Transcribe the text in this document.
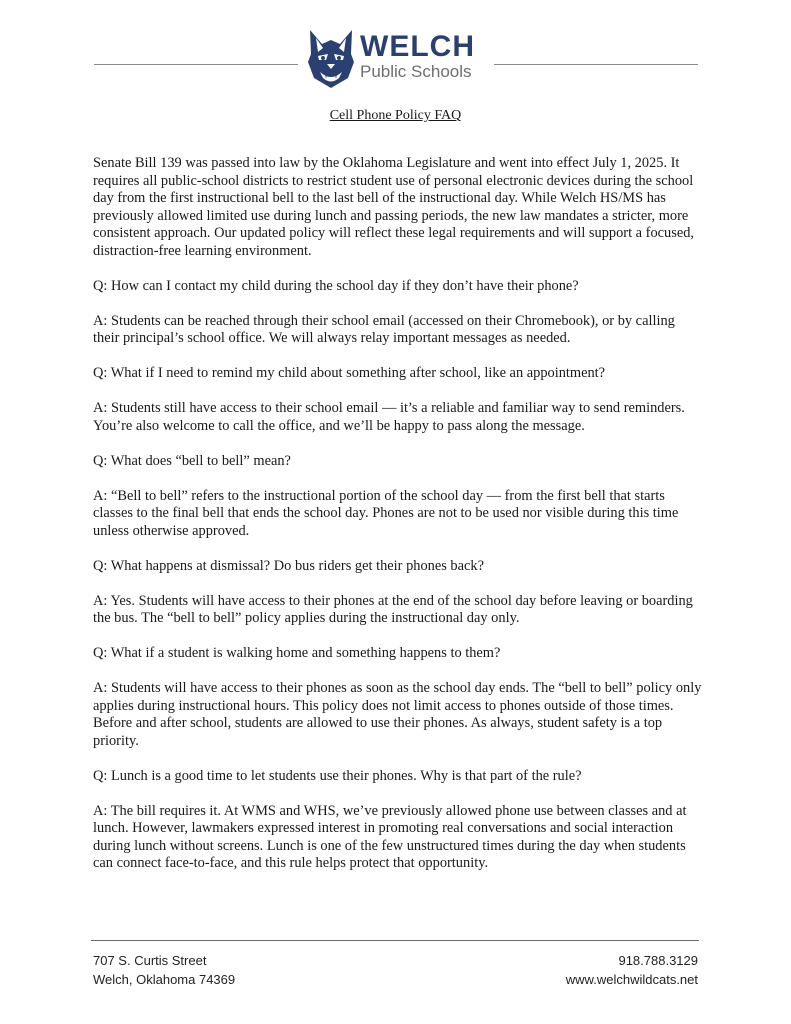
WELCH
Public Schools
Cell Phone Policy FAQ

Senate Bill 139 was passed into law by the Oklahoma Legislature and went into effect July 1, 2025. It requires all public-school districts to restrict student use of personal electronic devices during the school day from the first instructional bell to the last bell of the instructional day. While Welch HS/MS has previously allowed limited use during lunch and passing periods, the new law mandates a stricter, more consistent approach. Our updated policy will reflect these legal requirements and will support a focused, distraction-free learning environment.

Q: How can I contact my child during the school day if they don’t have their phone?

A: Students can be reached through their school email (accessed on their Chromebook), or by calling their principal’s school office. We will always relay important messages as needed.

Q: What if I need to remind my child about something after school, like an appointment?

A: Students still have access to their school email — it’s a reliable and familiar way to send reminders. You’re also welcome to call the office, and we’ll be happy to pass along the message.

Q: What does “bell to bell” mean?

A: “Bell to bell” refers to the instructional portion of the school day — from the first bell that starts classes to the final bell that ends the school day. Phones are not to be used nor visible during this time unless otherwise approved.

Q: What happens at dismissal? Do bus riders get their phones back?

A: Yes. Students will have access to their phones at the end of the school day before leaving or boarding the bus. The “bell to bell” policy applies during the instructional day only.

Q: What if a student is walking home and something happens to them?

A: Students will have access to their phones as soon as the school day ends. The “bell to bell” policy only applies during instructional hours. This policy does not limit access to phones outside of those times. Before and after school, students are allowed to use their phones. As always, student safety is a top priority.

Q: Lunch is a good time to let students use their phones. Why is that part of the rule?

A: The bill requires it. At WMS and WHS, we’ve previously allowed phone use between classes and at lunch. However, lawmakers expressed interest in promoting real conversations and social interaction during lunch without screens. Lunch is one of the few unstructured times during the day when students can connect face-to-face, and this rule helps protect that opportunity.

707 S. Curtis Street
Welch, Oklahoma 74369
918.788.3129
www.welchwildcats.net
